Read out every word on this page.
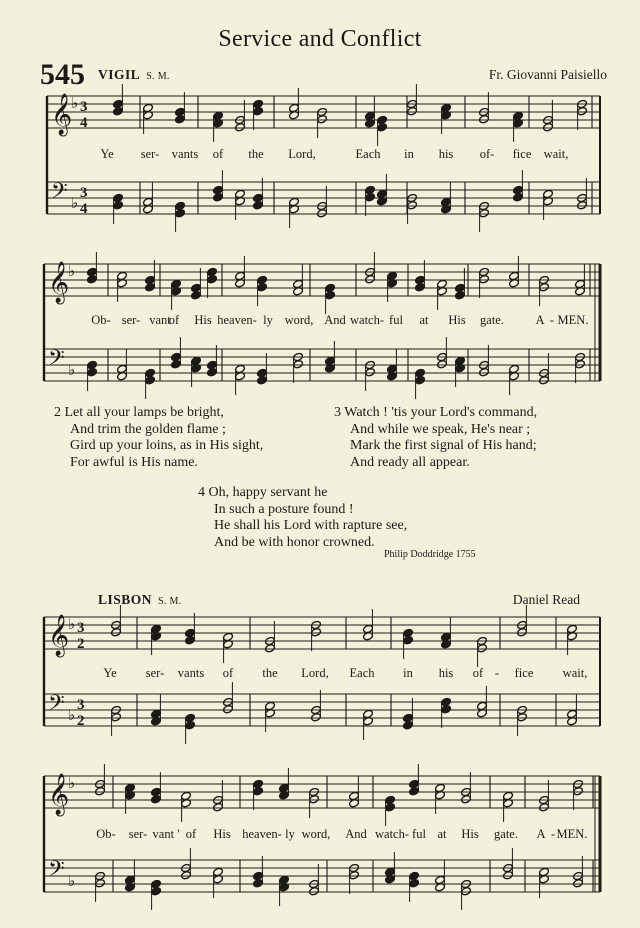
Service and Conflict
545 VIGIL S. M.	Fr. Giovanni Paisiello
𝄞
♭ 3
4
𝄢 ♭
3
4
Ye ser- vants of the Lord,	Each in his of- fice wait,
𝄞
♭
𝄢 ♭
Ob- ser- vant
of His heaven- ly word, And watch- ful at His gate.	A - MEN.
2 Let all your lamps be bright,
And trim the golden flame ;
Gird up your loins, as in His sight,
For awful is His name.
3 Watch ! 'tis your Lord's command,
And while we speak, He's near ;
Mark the first signal of His hand;
And ready all appear.
4 Oh, happy servant he
In such a posture found !
He shall his Lord with rapture see,
And be with honor crowned.
Philip Doddridge 1755
LISBON S. M.	Daniel Read
𝄞
♭ 3
2
𝄢 ♭
3
2
Ye ser- vants of the Lord, Each in his of - fice wait,
𝄞
♭
𝄢 ♭
Ob- ser- vant ' of His heaven- ly word, And watch- ful at His gate. A - MEN.
